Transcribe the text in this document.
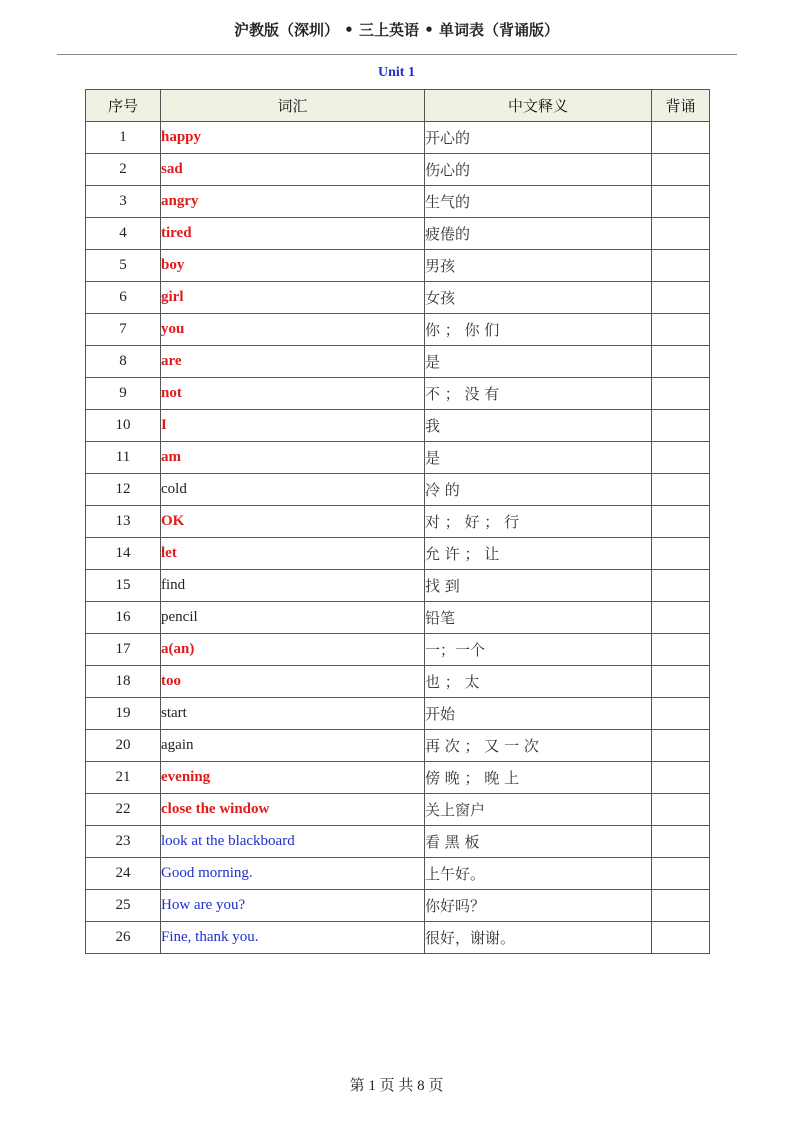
沪教版（深圳） • 三上英语 • 单词表（背诵版）
Unit 1
序号	词汇	中文释义	背诵
1	happy	开心的	
2	sad	伤心的	
3	angry	生气的	
4	tired	疲倦的	
5	boy	男孩	
6	girl	女孩	
7	you	你 ； 你 们	
8	are	是	
9	not	不 ； 没 有	
10	I	我	
11	am	是	
12	cold	冷 的	
13	OK	对 ； 好 ； 行	
14	let	允 许 ； 让	
15	find	找 到	
16	pencil	铅笔	
17	a(an)	一；一个	
18	too	也 ； 太	
19	start	开始	
20	again	再 次 ； 又 一 次	
21	evening	傍 晚 ； 晚 上	
22	close the window	关上窗户	
23	look at the blackboard	看 黑 板	
24	Good morning.	上午好。	
25	How are you?	你好吗？	
26	Fine, thank you.	很好，谢谢。	
第 1 页 共 8 页
